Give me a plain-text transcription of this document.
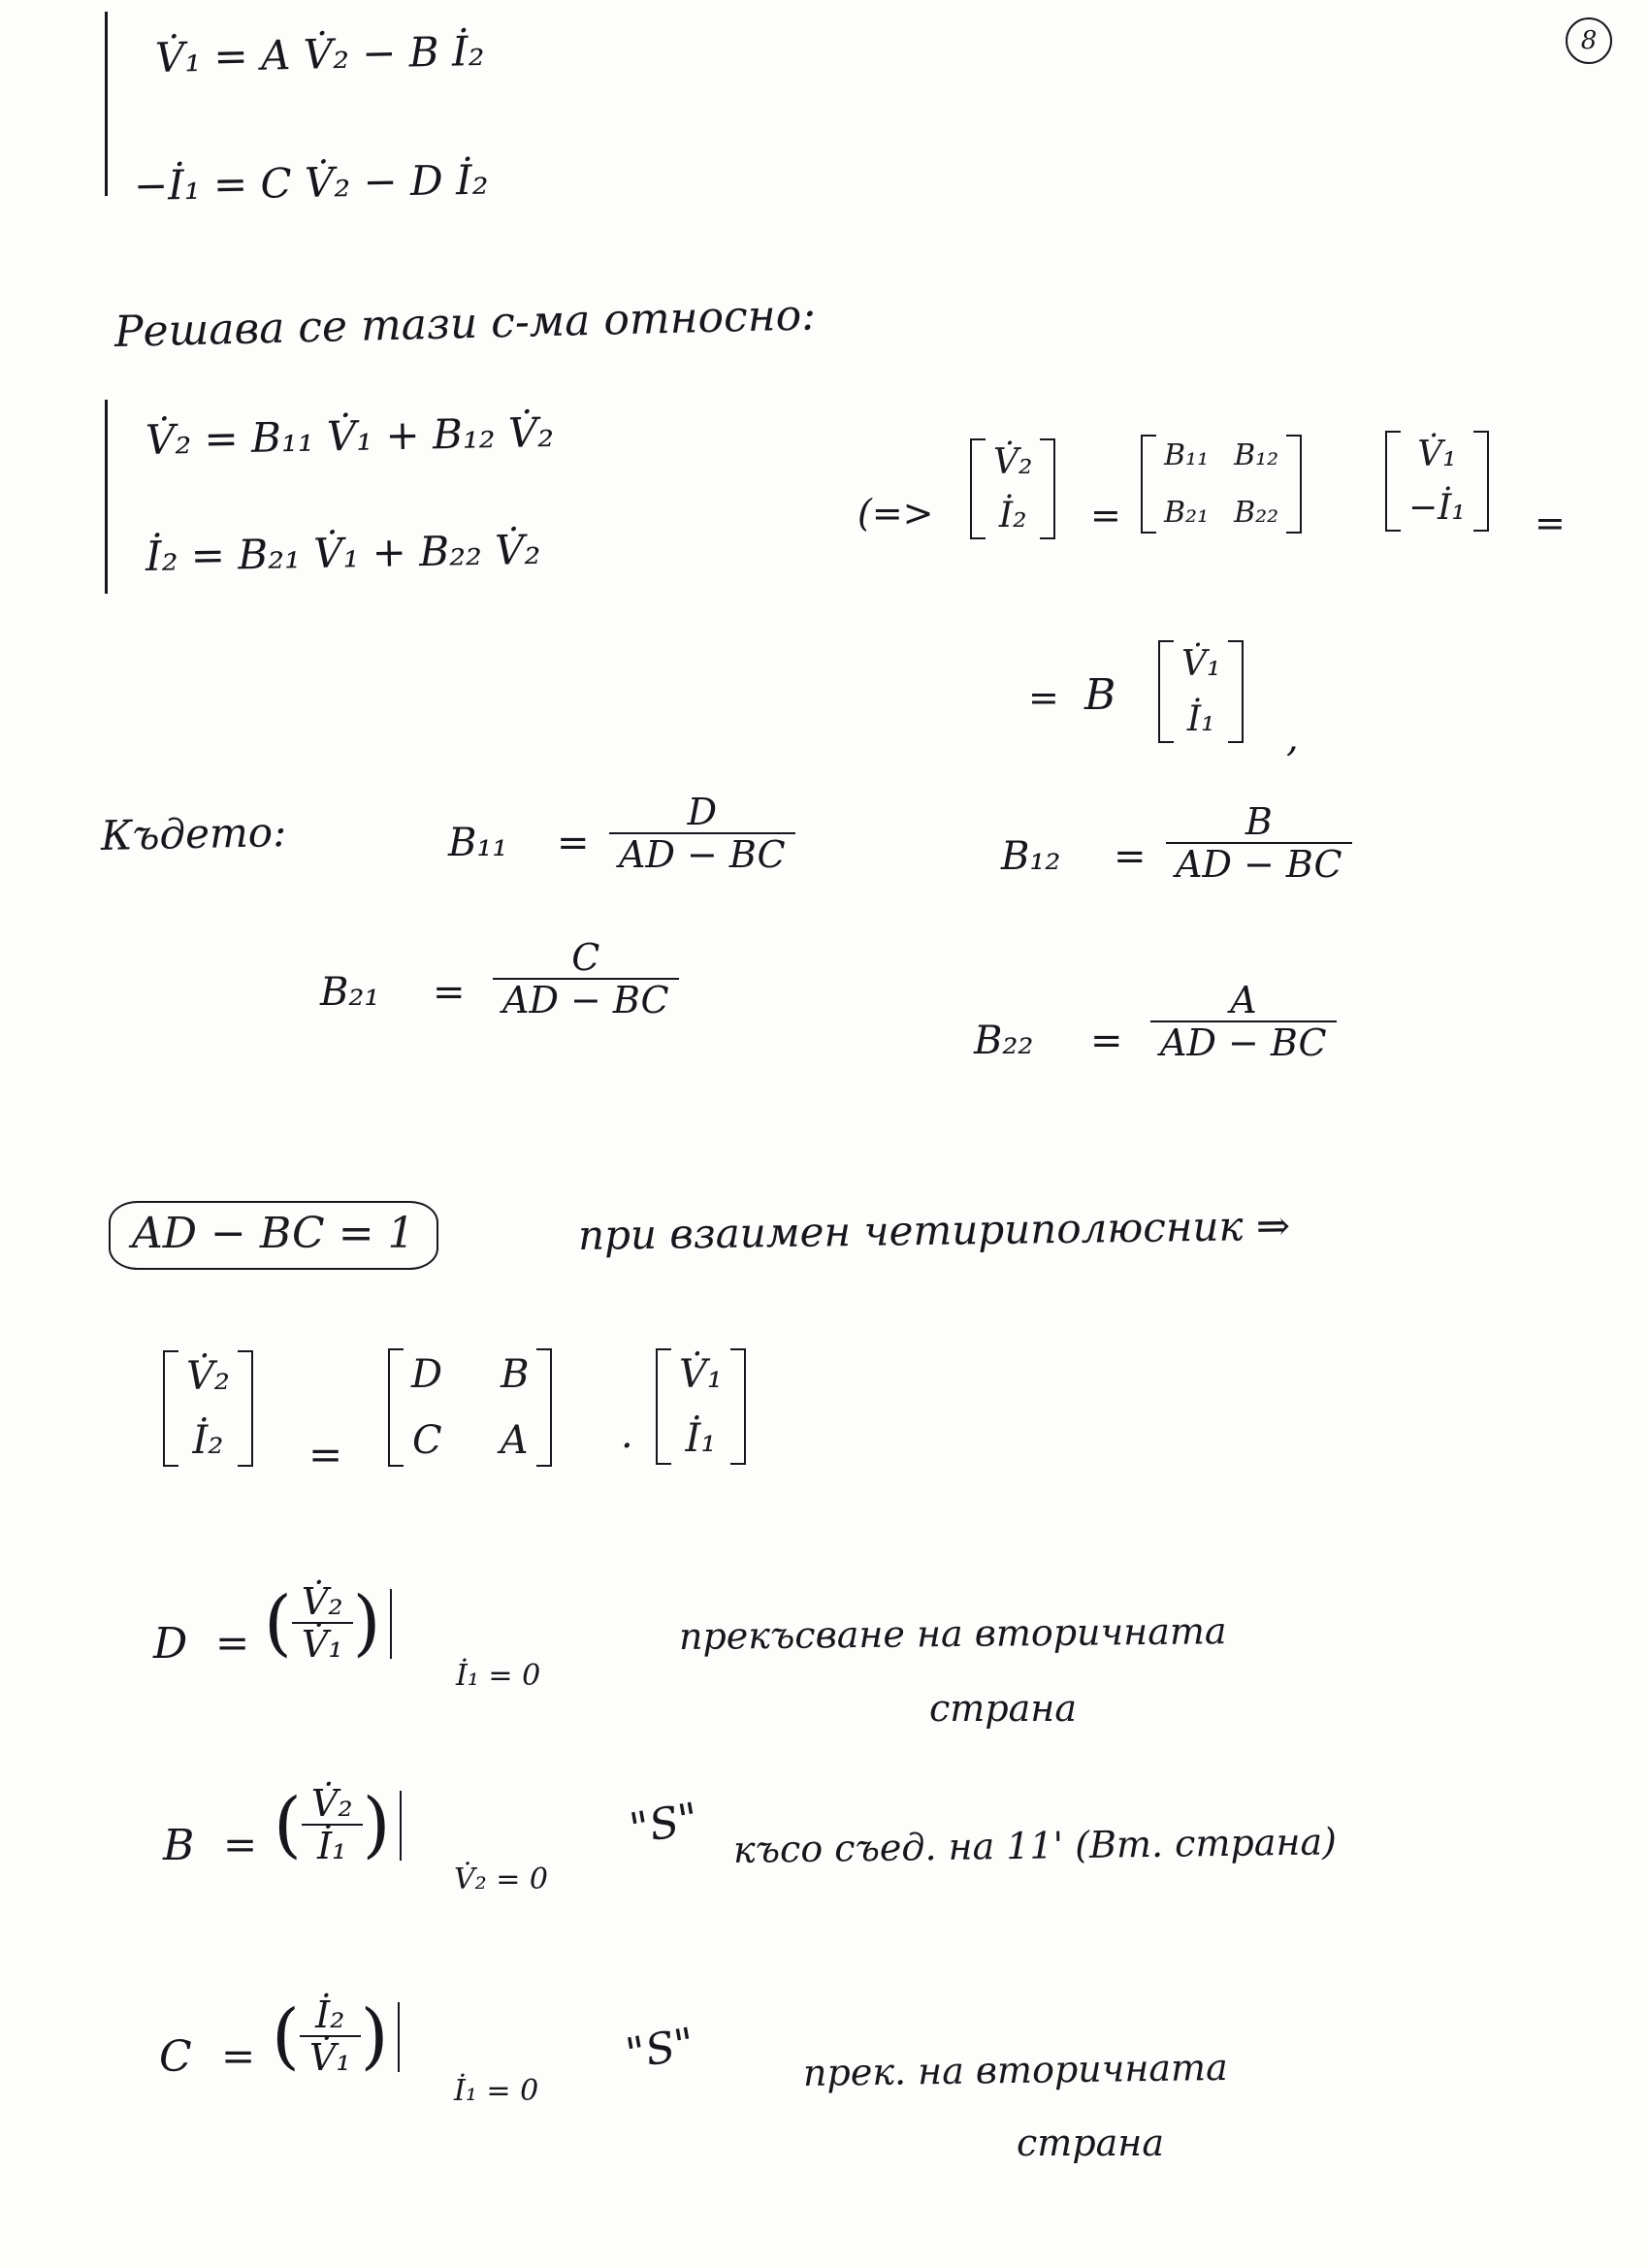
8
V̇₁ = A V̇₂ − B İ₂
−İ₁ = C V̇₂ − D İ₂
Решава се тази с-ма относно:
V̇₂ = B₁₁ V̇₁ + B₁₂ V̇₂
İ₂ = B₂₁ V̇₁ + B₂₂ V̇₂
(=>
V̇₂
İ₂ =
B₁₁ B₁₂
B₂₁ B₂₂
V̇₁
−İ₁ =
= B
V̇₁
İ₁ ,
Където:	$B_{11} = \frac{D}{AD - BC}$	$B_{12} = \frac{B}{AD - BC}$
$B_{21} = \frac{C}{AD - BC}$
$B_{22} = \frac{A}{AD - BC}$
AD − BC = 1	при взаимен четириполюсник ⇒
V̇₂
İ₂ =
D B
C A ·
V̇₁
İ₁
D = ( $\frac{\text{V̇₂}}{\text{V̇₁}}$ )
İ₁ = 0
прекъсване на вторичната
страна
B = ( $\frac{\text{V̇₂}}{\text{İ₁}}$ )
V̇₂ = 0
"S" късо съед. на 11' (Вт. страна)
C = ( $\frac{\text{İ₂}}{\text{V̇₁}}$ )
İ₁ = 0
"S"	прек. на вторичната
страна
